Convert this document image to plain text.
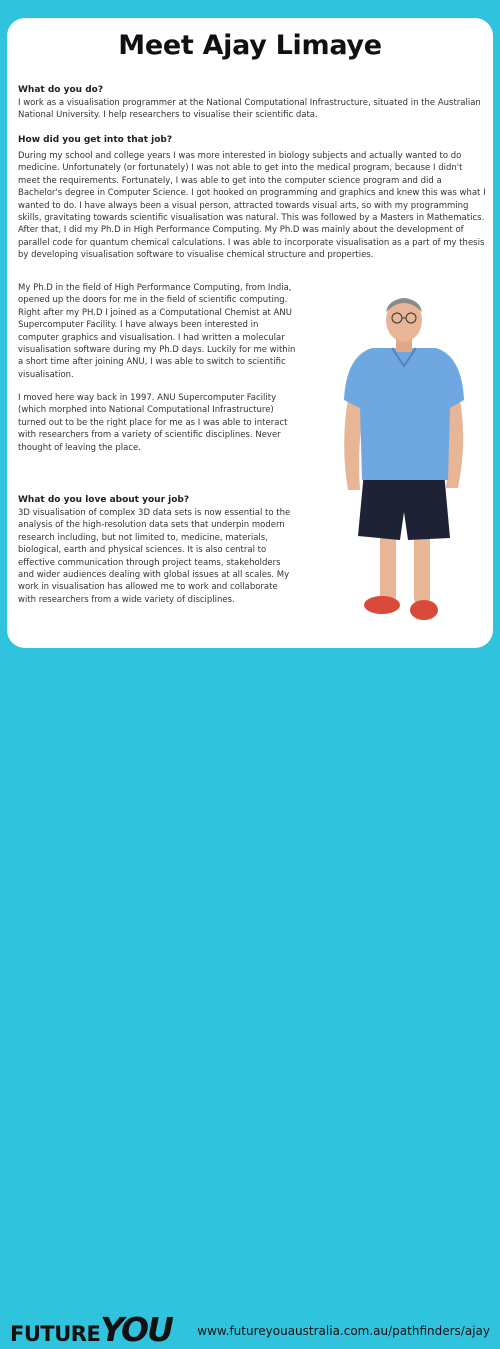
Meet Ajay Limaye
What do you do?

I work as a visualisation programmer at the National Computational Infrastructure, situated in the Australian National University. I help researchers to visualise their scientific data.

How did you get into that job?

During my school and college years I was more interested in biology subjects and actually wanted to do medicine. Unfortunately (or fortunately) I was not able to get into the medical program, because I didn't meet the requirements. Fortunately, I was able to get into the computer science program and did a Bachelor's degree in Computer Science. I got hooked on programming and graphics and knew this was what I wanted to do. I have always been a visual person, attracted towards visual arts, so with my programming skills, gravitating towards scientific visualisation was natural. This was followed by a Masters in Mathematics. After that, I did my Ph.D in High Performance Computing. My Ph.D was mainly about the development of parallel code for quantum chemical calculations. I was able to incorporate visualisation as a part of my thesis by developing visualisation software to visualise chemical structure and properties.

My Ph.D in the field of High Performance Computing, from India, opened up the doors for me in the field of scientific computing. Right after my PH.D I joined as a Computational Chemist at ANU Supercomputer Facility. I have always been interested in computer graphics and visualisation. I had written a molecular visualisation software during my Ph.D days. Luckily for me within a short time after joining ANU, I was able to switch to scientific visualisation.

I moved here way back in 1997. ANU Supercomputer Facility (which morphed into National Computational Infrastructure) turned out to be the right place for me as I was able to interact with researchers from a variety of scientific disciplines. Never thought of leaving the place.

What do you love about your job?

3D visualisation of complex 3D data sets is now essential to the analysis of the high-resolution data sets that underpin modern research including, but not limited to, medicine, materials, biological, earth and physical sciences. It is also central to effective communication through project teams, stakeholders and wider audiences dealing with global issues at all scales. My work in visualisation has allowed me to work and collaborate with researchers from a wide variety of disciplines.

FUTUREYOU www.futureyouaustralia.com.au/pathfinders/ajay
